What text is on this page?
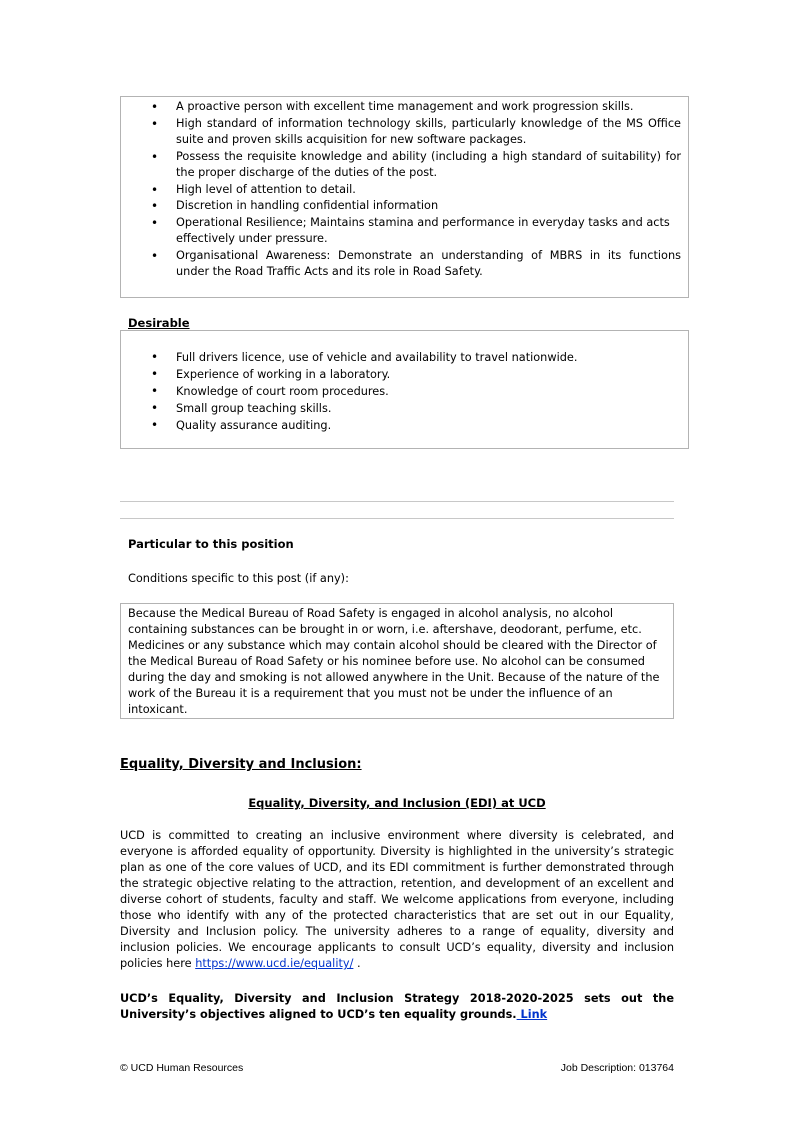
• A proactive person with excellent time management and work progression skills.
• High standard of information technology skills, particularly knowledge of the MS Office suite and proven skills acquisition for new software packages.
• Possess the requisite knowledge and ability (including a high standard of suitability) for the proper discharge of the duties of the post.
• High level of attention to detail.
• Discretion in handling confidential information
• Operational Resilience; Maintains stamina and performance in everyday tasks and acts effectively under pressure.
• Organisational Awareness: Demonstrate an understanding of MBRS in its functions under the Road Traffic Acts and its role in Road Safety.
Desirable
• Full drivers licence, use of vehicle and availability to travel nationwide.
• Experience of working in a laboratory.
• Knowledge of court room procedures.
• Small group teaching skills.
• Quality assurance auditing.
Particular to this position
Conditions specific to this post (if any):
Because the Medical Bureau of Road Safety is engaged in alcohol analysis, no alcohol containing substances can be brought in or worn, i.e. aftershave, deodorant, perfume, etc. Medicines or any substance which may contain alcohol should be cleared with the Director of the Medical Bureau of Road Safety or his nominee before use. No alcohol can be consumed during the day and smoking is not allowed anywhere in the Unit. Because of the nature of the work of the Bureau it is a requirement that you must not be under the influence of an intoxicant.
Equality, Diversity and Inclusion:
Equality, Diversity, and Inclusion (EDI) at UCD
UCD is committed to creating an inclusive environment where diversity is celebrated, and everyone is afforded equality of opportunity. Diversity is highlighted in the university’s strategic plan as one of the core values of UCD, and its EDI commitment is further demonstrated through the strategic objective relating to the attraction, retention, and development of an excellent and diverse cohort of students, faculty and staff. We welcome applications from everyone, including those who identify with any of the protected characteristics that are set out in our Equality, Diversity and Inclusion policy. The university adheres to a range of equality, diversity and inclusion policies. We encourage applicants to consult UCD’s equality, diversity and inclusion policies here https://www.ucd.ie/equality/ .
UCD’s Equality, Diversity and Inclusion Strategy 2018-2020-2025 sets out the University’s objectives aligned to UCD’s ten equality grounds. Link
© UCD Human Resources	Job Description: 013764
